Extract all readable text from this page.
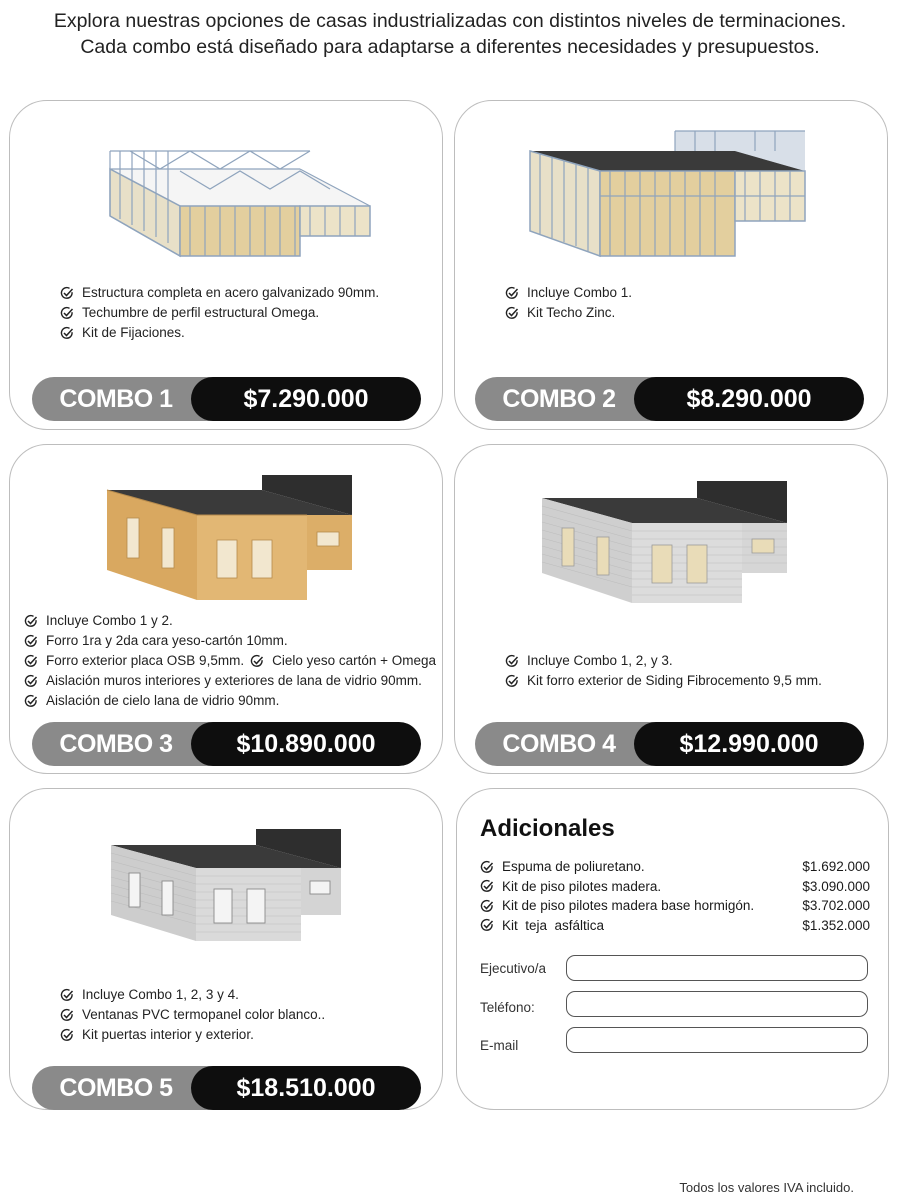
Explora nuestras opciones de casas industrializadas con distintos niveles de terminaciones.
Cada combo está diseñado para adaptarse a diferentes necesidades y presupuestos.
Estructura completa en acero galvanizado 90mm.
Techumbre de perfil estructural Omega.
Kit de Fijaciones.
COMBO 1	$7.290.000
Incluye Combo 1.
Kit Techo Zinc.
COMBO 2	$8.290.000
Incluye Combo 1 y 2.
Forro 1ra y 2da cara yeso-cartón 10mm.
Forro exterior placa OSB 9,5mm. Cielo yeso cartón + Omega
Aislación muros interiores y exteriores de lana de vidrio 90mm.
Aislación de cielo lana de vidrio 90mm.
COMBO 3	$10.890.000
Incluye Combo 1, 2, y 3.
Kit forro exterior de Siding Fibrocemento 9,5 mm.
COMBO 4	$12.990.000
Incluye Combo 1, 2, 3 y 4.
Ventanas PVC termopanel color blanco..
Kit puertas interior y exterior.
COMBO 5	$18.510.000
Adicionales
Espuma de poliuretano.	$1.692.000
Kit de piso pilotes madera.	$3.090.000
Kit de piso pilotes madera base hormigón.	$3.702.000
Kit  teja  asfáltica	$1.352.000
Ejecutivo/a
Teléfono:
E-mail
Todos los valores IVA incluido.
